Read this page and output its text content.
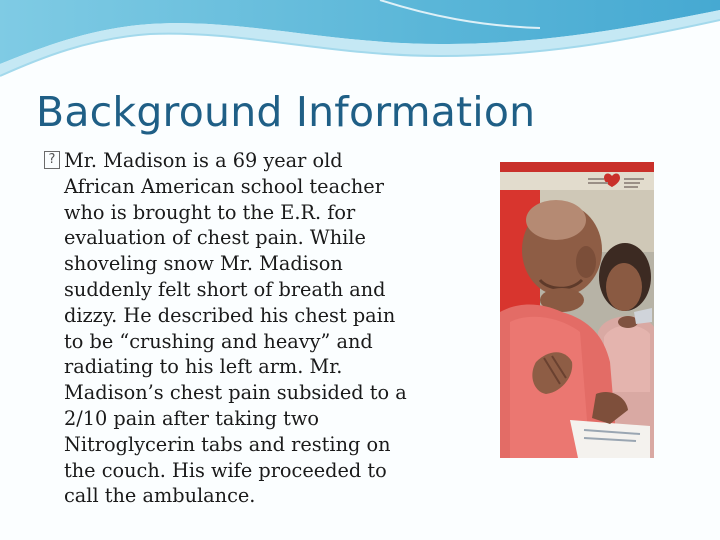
Background Information
? Mr. Madison is a 69 year old
African American school teacher
who is brought to the E.R. for
evaluation of chest pain. While
shoveling snow Mr. Madison
suddenly felt short of breath and
dizzy. He described his chest pain
to be “crushing and heavy” and
radiating to his left arm. Mr.
Madison’s chest pain subsided to a
2/10 pain after taking two
Nitroglycerin tabs and resting on
the couch. His wife proceeded to
call the ambulance.
